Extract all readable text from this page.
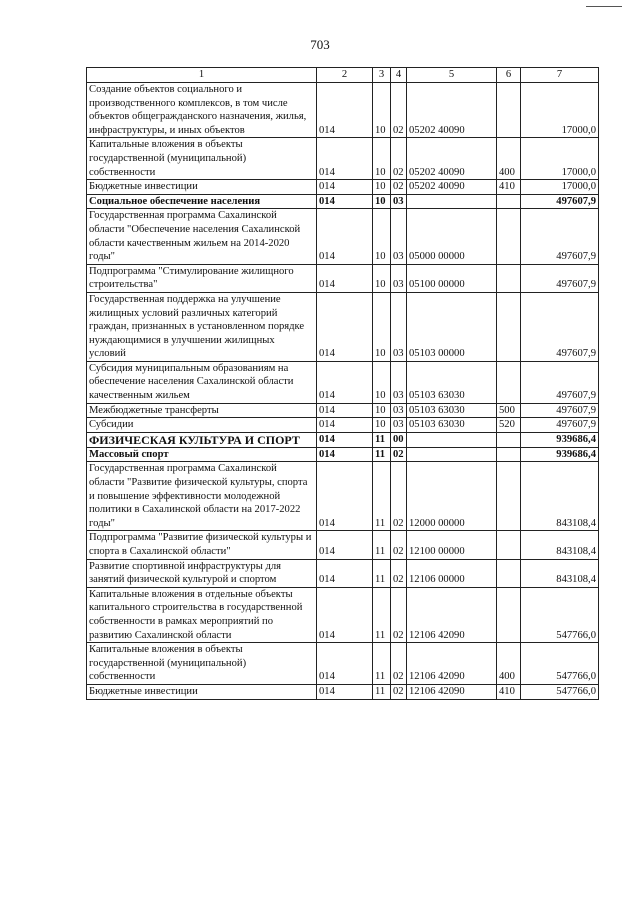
703
1	2	3	4	5	6	7
Создание объектов социального и производственного комплексов, в том числе объектов общегражданского назначения, жилья, инфраструктуры, и иных объектов	014	10	02	05202 40090		17000,0
Капитальные вложения в объекты государственной (муниципальной) собственности	014	10	02	05202 40090	400	17000,0
Бюджетные инвестиции	014	10	02	05202 40090	410	17000,0
Социальное обеспечение населения	014	10	03			497607,9
Государственная программа Сахалинской области "Обеспечение населения Сахалинской области качественным жильем на 2014-2020 годы"	014	10	03	05000 00000		497607,9
Подпрограмма "Стимулирование жилищного строительства"	014	10	03	05100 00000		497607,9
Государственная поддержка на улучшение жилищных условий различных категорий граждан, признанных в установленном порядке нуждающимися в улучшении жилищных условий	014	10	03	05103 00000		497607,9
Субсидия муниципальным образованиям на обеспечение населения Сахалинской области качественным жильем	014	10	03	05103 63030		497607,9
Межбюджетные трансферты	014	10	03	05103 63030	500	497607,9
Субсидии	014	10	03	05103 63030	520	497607,9
ФИЗИЧЕСКАЯ КУЛЬТУРА И СПОРТ	014	11	00			939686,4
Массовый спорт	014	11	02			939686,4
Государственная программа Сахалинской области "Развитие физической культуры, спорта и повышение эффективности молодежной политики в Сахалинской области на 2017-2022 годы"	014	11	02	12000 00000		843108,4
Подпрограмма "Развитие физической культуры и спорта в Сахалинской области"	014	11	02	12100 00000		843108,4
Развитие спортивной инфраструктуры для занятий физической культурой и спортом	014	11	02	12106 00000		843108,4
Капитальные вложения в отдельные объекты капитального строительства в государственной собственности в рамках мероприятий по развитию Сахалинской области	014	11	02	12106 42090		547766,0
Капитальные вложения в объекты государственной (муниципальной) собственности	014	11	02	12106 42090	400	547766,0
Бюджетные инвестиции	014	11	02	12106 42090	410	547766,0
